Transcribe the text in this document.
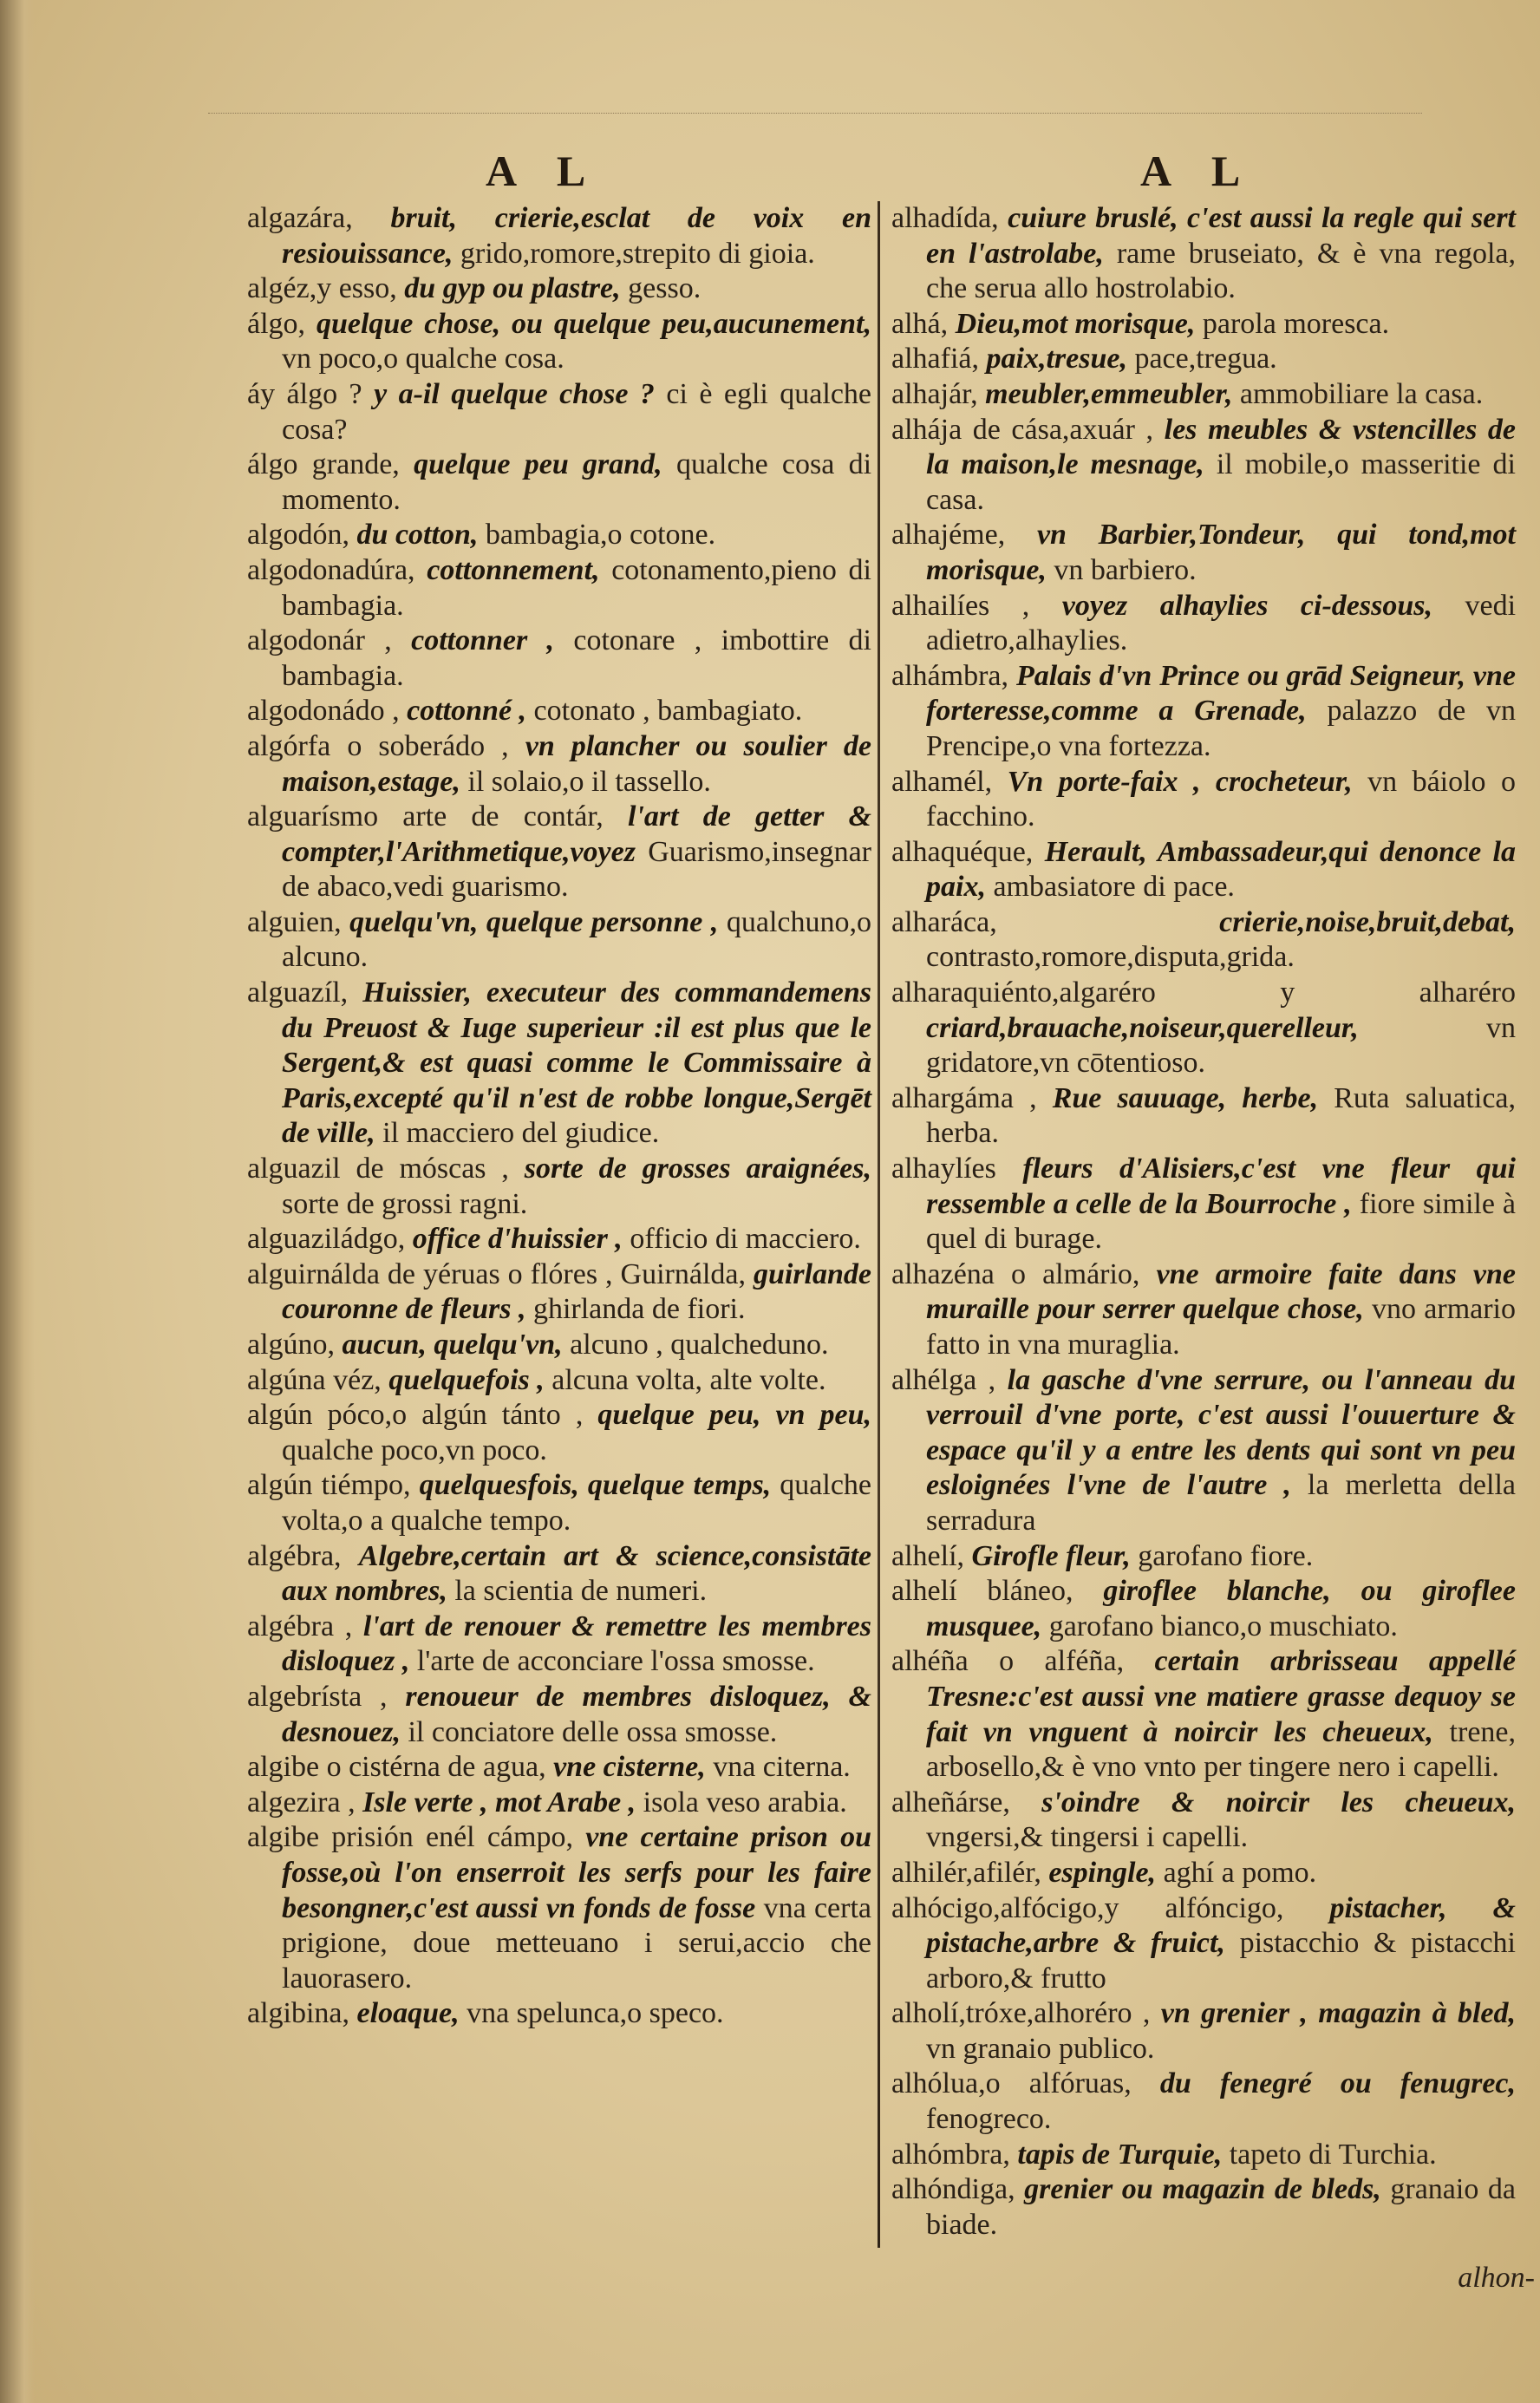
A L	A L

algazára, bruit, crierie,esclat de voix en resiouissance, grido,romore,strepito di gioia.

algéz,y esso, du gyp ou plastre, gesso.

álgo, quelque chose, ou quelque peu,aucunement, vn poco,o qualche cosa.

áy álgo ? y a-il quelque chose ? ci è egli qualche cosa?

álgo grande, quelque peu grand, qualche cosa di momento.

algodón, du cotton, bambagia,o cotone.

algodonadúra, cottonnement, cotonamento,pieno di bambagia.

algodonár , cottonner , cotonare , imbottire di bambagia.

algodonádo , cottonné , cotonato , bambagiato.

algórfa o soberádo , vn plancher ou soulier de maison,estage, il solaio,o il tassello.

alguarísmo arte de contár, l'art de getter & compter,l'Arithmetique,voyez Guarismo,insegnar de abaco,vedi guarismo.

alguien, quelqu'vn, quelque personne , qualchuno,o alcuno.

alguazíl, Huissier, executeur des commandemens du Preuost & Iuge superieur :il est plus que le Sergent,& est quasi comme le Commissaire à Paris,excepté qu'il n'est de robbe longue,Sergēt de ville, il macciero del giudice.

alguazil de móscas , sorte de grosses araignées, sorte de grossi ragni.

alguaziládgo, office d'huissier , officio di macciero.

alguirnálda de yéruas o flóres , Guirnálda, guirlande couronne de fleurs , ghirlanda de fiori.

algúno, aucun, quelqu'vn, alcuno , qualcheduno.

algúna véz, quelquefois , alcuna volta, alte volte.

algún póco,o algún tánto , quelque peu, vn peu, qualche poco,vn poco.

algún tiémpo, quelquesfois, quelque temps, qualche volta,o a qualche tempo.

algébra, Algebre,certain art & science,consistāte aux nombres, la scientia de numeri.

algébra , l'art de renouer & remettre les membres disloquez , l'arte de acconciare l'ossa smosse.

algebrísta , renoueur de membres disloquez, & desnouez, il conciatore delle ossa smosse.

algibe o cistérna de agua, vne cisterne, vna citerna.

algezira , Isle verte , mot Arabe , isola veso arabia.

algibe prisión enél cámpo, vne certaine prison ou fosse,où l'on enserroit les serfs pour les faire besongner,c'est aussi vn fonds de fosse vna certa prigione, doue metteuano i serui,accio che lauorasero.

algibina, eloaque, vna spelunca,o speco.

alhadída, cuiure bruslé, c'est aussi la regle qui sert en l'astrolabe, rame bruseiato, & è vna regola, che serua allo hostrolabio.

alhá, Dieu,mot morisque, parola moresca.

alhafiá, paix,tresue, pace,tregua.

alhajár, meubler,emmeubler, ammobiliare la casa.

alhája de cása,axuár , les meubles & vstencilles de la maison,le mesnage, il mobile,o masseritie di casa.

alhajéme, vn Barbier,Tondeur, qui tond,mot morisque, vn barbiero.

alhailíes , voyez alhaylies ci-dessous, vedi adietro,alhaylies.

alhámbra, Palais d'vn Prince ou grād Seigneur, vne forteresse,comme a Grenade, palazzo de vn Prencipe,o vna fortezza.

alhamél, Vn porte-faix , crocheteur, vn báiolo o facchino.

alhaquéque, Herault, Ambassadeur,qui denonce la paix, ambasiatore di pace.

alharáca,	crierie,noise,bruit,debat, contrasto,romore,disputa,grida.

alharaquiénto,algaréro y alharéro criard,brauache,noiseur,querelleur,	vn gridatore,vn cōtentioso.

alhargáma , Rue sauuage, herbe, Ruta saluatica, herba.

alhaylíes fleurs d'Alisiers,c'est vne fleur qui ressemble a celle de la Bourroche , fiore simile à quel di burage.

alhazéna o almário, vne armoire faite dans vne muraille pour serrer quelque chose, vno armario fatto in vna muraglia.

alhélga , la gasche d'vne serrure, ou l'anneau du verrouil d'vne porte, c'est aussi l'ouuerture & espace qu'il y a entre les dents qui sont vn peu esloignées l'vne de l'autre , la merletta della serradura

alhelí, Girofle fleur, garofano fiore.

alhelí bláneo, giroflee blanche, ou giroflee musquee, garofano bianco,o muschiato.

alhéña o alféña, certain arbrisseau appellé Tresne:c'est aussi vne matiere grasse dequoy se fait vn vnguent à noircir les cheueux, trene, arbosello,& è vno vnto per tingere nero i capelli.

alheñárse, s'oindre & noircir les cheueux, vngersi,& tingersi i capelli.

alhilér,afilér, espingle, aghí a pomo.

alhócigo,alfócigo,y alfóncigo, pistacher, & pistache,arbre & fruict, pistacchio & pistacchi arboro,& frutto

alholí,tróxe,alhoréro , vn grenier , magazin à bled, vn granaio publico.

alhólua,o alfóruas, du fenegré ou fenugrec, fenogreco.

alhómbra, tapis de Turquie, tapeto di Turchia.

alhóndiga, grenier ou magazin de bleds, granaio da biade.

alhon-
